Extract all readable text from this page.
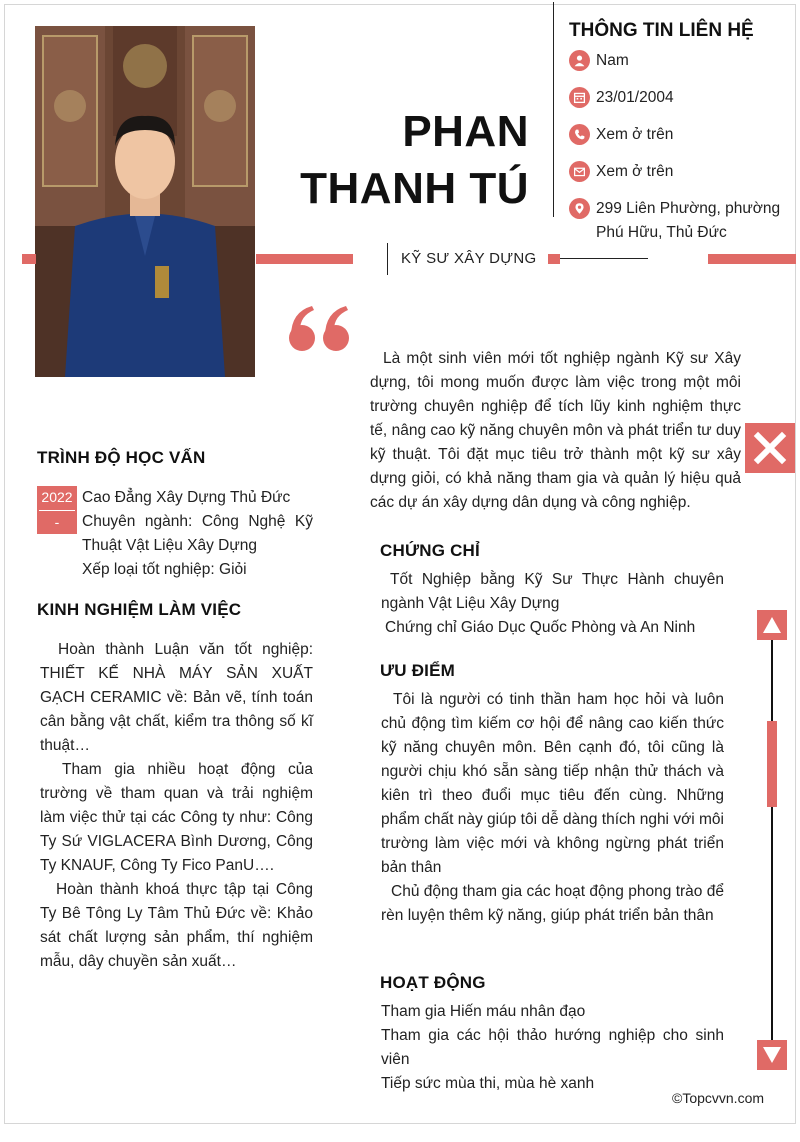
PHAN
THANH TÚ
KỸ SƯ XÂY DỰNG
THÔNG TIN LIÊN HỆ
Nam
23/01/2004
Xem ở trên
Xem ở trên
299 Liên Phường, phường Phú Hữu, Thủ Đức
Là một sinh viên mới tốt nghiệp ngành Kỹ sư Xây dựng, tôi mong muốn được làm việc trong một môi trường chuyên nghiệp để tích lũy kinh nghiệm thực tế, nâng cao kỹ năng chuyên môn và phát triển tư duy kỹ thuật. Tôi đặt mục tiêu trở thành một kỹ sư xây dựng giỏi, có khả năng tham gia và quản lý hiệu quả các dự án xây dựng dân dụng và công nghiệp.
TRÌNH ĐỘ HỌC VẤN
2022
-
Cao Đẳng Xây Dựng Thủ Đức
Chuyên ngành: Công Nghệ Kỹ Thuật Vật Liệu Xây Dựng
Xếp loại tốt nghiệp: Giỏi
KINH NGHIỆM LÀM VIỆC
Hoàn thành Luận văn tốt nghiệp: THIẾT KẾ NHÀ MÁY SẢN XUẤT GẠCH CERAMIC về: Bản vẽ, tính toán cân bằng vật chất, kiểm tra thông số kĩ thuật…
Tham gia nhiều hoạt động của trường về tham quan và trải nghiệm làm việc thử tại các Công ty như: Công Ty Sứ VIGLACERA Bình Dương, Công Ty KNAUF, Công Ty Fico PanU….
Hoàn thành khoá thực tập tại Công Ty Bê Tông Ly Tâm Thủ Đức về: Khảo sát chất lượng sản phẩm, thí nghiệm mẫu, dây chuyền sản xuất…
CHỨNG CHỈ
Tốt Nghiệp bằng Kỹ Sư Thực Hành chuyên ngành Vật Liệu Xây Dựng
Chứng chỉ Giáo Dục Quốc Phòng và An Ninh
ƯU ĐIỂM
Tôi là người có tinh thần ham học hỏi và luôn chủ động tìm kiếm cơ hội để nâng cao kiến thức kỹ năng chuyên môn. Bên cạnh đó, tôi cũng là người chịu khó sẵn sàng tiếp nhận thử thách và kiên trì theo đuổi mục tiêu đến cùng. Những phẩm chất này giúp tôi dễ dàng thích nghi với môi trường làm việc mới và không ngừng phát triển bản thân
Chủ động tham gia các hoạt động phong trào để rèn luyện thêm kỹ năng, giúp phát triển bản thân
HOẠT ĐỘNG
Tham gia Hiến máu nhân đạo
Tham gia các hội thảo hướng nghiệp cho sinh viên
Tiếp sức mùa thi, mùa hè xanh
©Topcvvn.com
